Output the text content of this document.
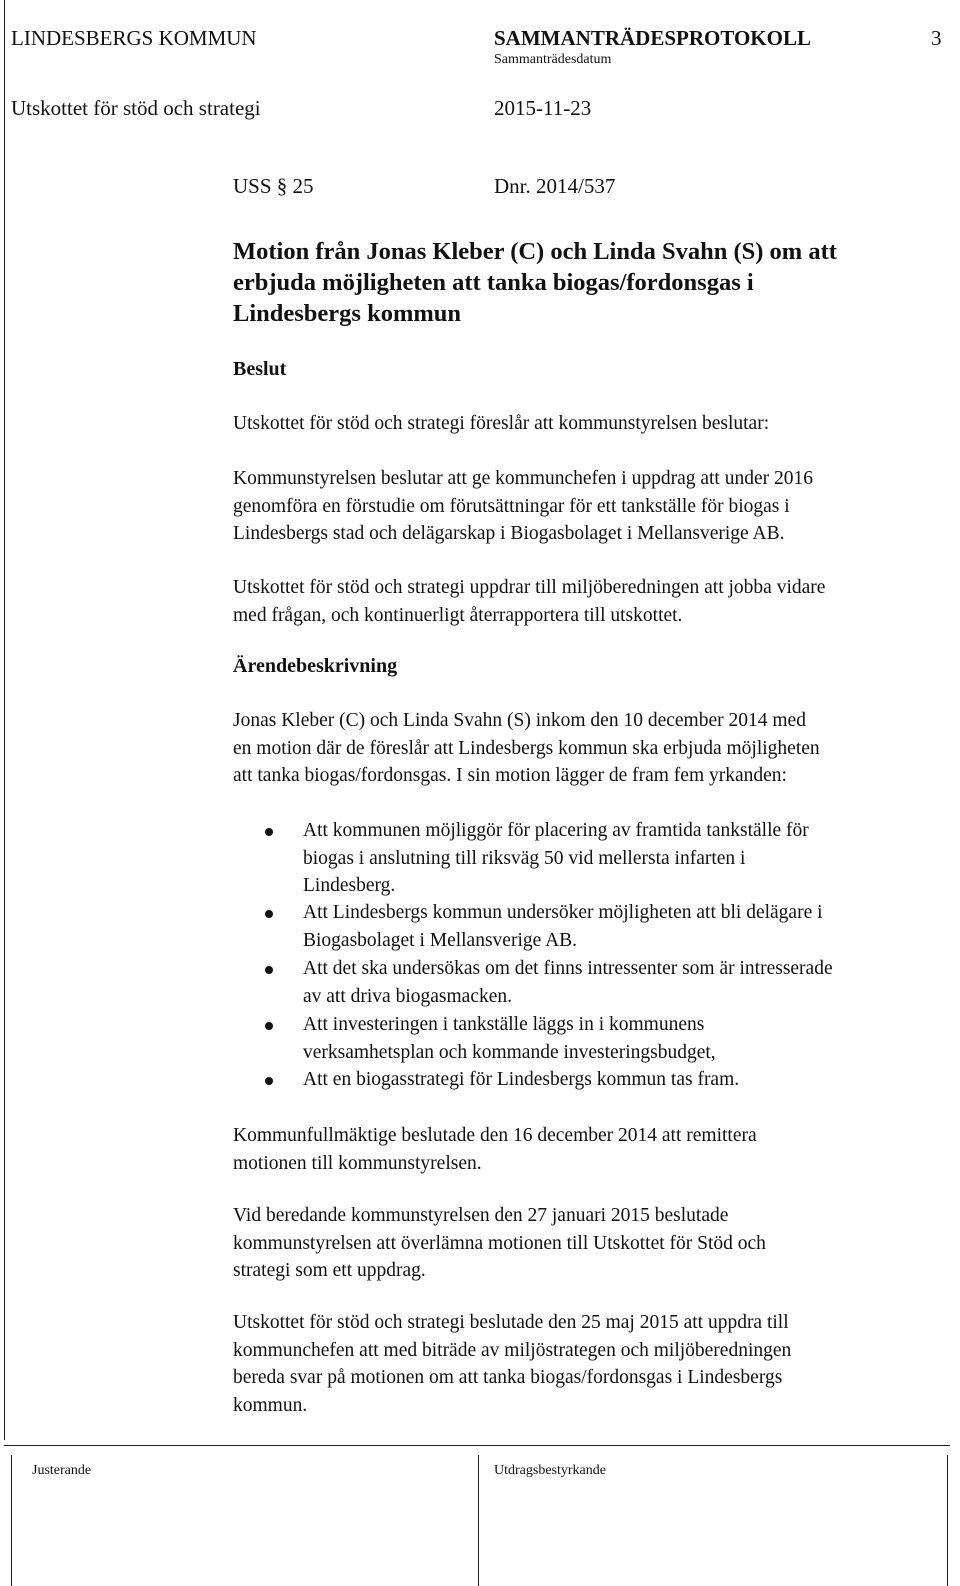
LINDESBERGS KOMMUN	SAMMANTRÄDESPROTOKOLL	3
Sammanträdesdatum
Utskottet för stöd och strategi	2015-11-23
USS § 25	Dnr. 2014/537
Motion från Jonas Kleber (C) och Linda Svahn (S) om att
erbjuda möjligheten att tanka biogas/fordonsgas i
Lindesbergs kommun
Beslut
Utskottet för stöd och strategi föreslår att kommunstyrelsen beslutar:
Kommunstyrelsen beslutar att ge kommunchefen i uppdrag att under 2016
genomföra en förstudie om förutsättningar för ett tankställe för biogas i
Lindesbergs stad och delägarskap i Biogasbolaget i Mellansverige AB.
Utskottet för stöd och strategi uppdrar till miljöberedningen att jobba vidare
med frågan, och kontinuerligt återrapportera till utskottet.
Ärendebeskrivning
Jonas Kleber (C) och Linda Svahn (S) inkom den 10 december 2014 med
en motion där de föreslår att Lindesbergs kommun ska erbjuda möjligheten
att tanka biogas/fordonsgas. I sin motion lägger de fram fem yrkanden:
Att kommunen möjliggör för placering av framtida tankställe för
biogas i anslutning till riksväg 50 vid mellersta infarten i
Lindesberg.
Att Lindesbergs kommun undersöker möjligheten att bli delägare i
Biogasbolaget i Mellansverige AB.
Att det ska undersökas om det finns intressenter som är intresserade
av att driva biogasmacken.
Att investeringen i tankställe läggs in i kommunens
verksamhetsplan och kommande investeringsbudget,
Att en biogasstrategi för Lindesbergs kommun tas fram.
Kommunfullmäktige beslutade den 16 december 2014 att remittera
motionen till kommunstyrelsen.
Vid beredande kommunstyrelsen den 27 januari 2015 beslutade
kommunstyrelsen att överlämna motionen till Utskottet för Stöd och
strategi som ett uppdrag.
Utskottet för stöd och strategi beslutade den 25 maj 2015 att uppdra till
kommunchefen att med biträde av miljöstrategen och miljöberedningen
bereda svar på motionen om att tanka biogas/fordonsgas i Lindesbergs
kommun.
Justerande	Utdragsbestyrkande
